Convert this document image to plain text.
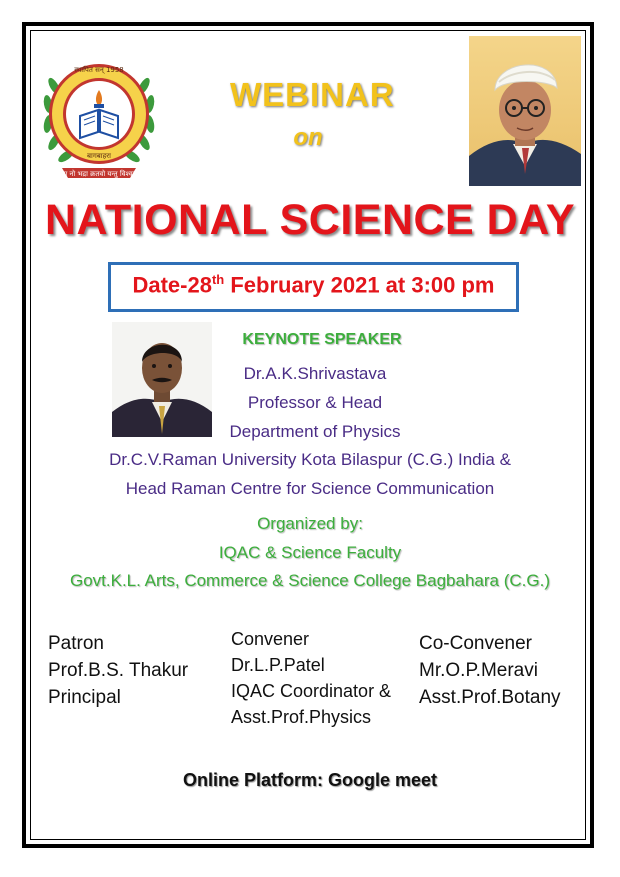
आ नो भद्रा क्रतवो यन्तु विश्वतः
स्थापित सन् 1958
बागबाहरा
WEBINAR
on
NATIONAL SCIENCE DAY
Date-28th February 2021 at 3:00 pm
KEYNOTE SPEAKER
Dr.A.K.Shrivastava
Professor & Head
Department of Physics
Dr.C.V.Raman University Kota Bilaspur (C.G.) India &
Head Raman Centre for Science Communication
Organized by:
IQAC & Science Faculty
Govt.K.L. Arts, Commerce & Science College Bagbahara (C.G.)
Patron
Prof.B.S. Thakur
Principal
Convener
Dr.L.P.Patel
IQAC Coordinator &
Asst.Prof.Physics
Co-Convener
Mr.O.P.Meravi
Asst.Prof.Botany
Online Platform: Google meet
